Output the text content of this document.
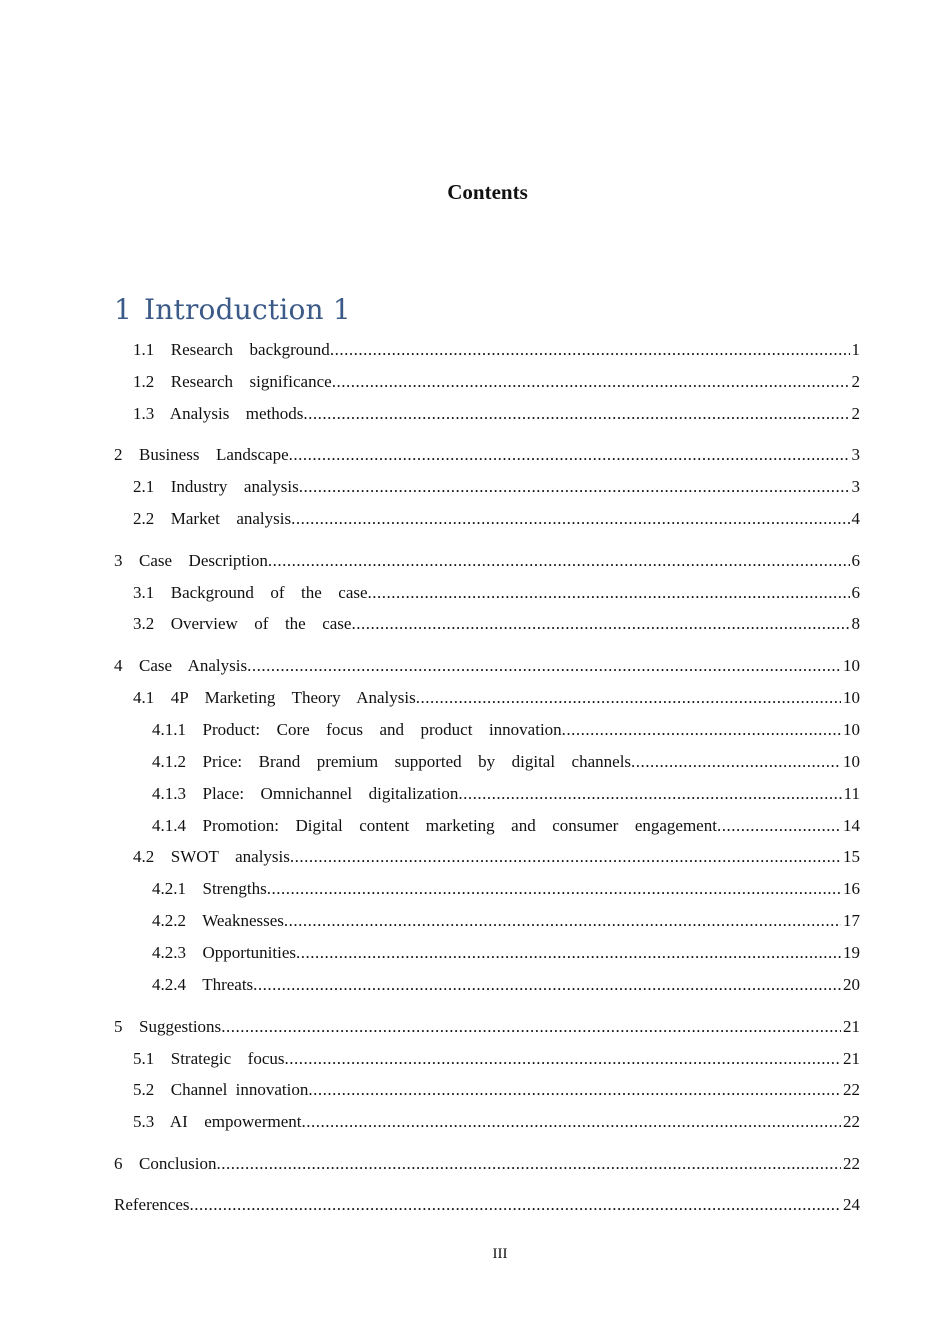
Contents
1 Introduction 1
1.1  Research  background .....	1
1.2  Research  significance .....	2
1.3  Analysis  methods .....	2
2  Business  Landscape .....	3
2.1  Industry  analysis .....	3
2.2  Market  analysis .....	4
3  Case  Description .....	6
3.1  Background  of  the  case .....	6
3.2  Overview  of  the  case .....	8
4  Case  Analysis .....	10
4.1  4P  Marketing  Theory  Analysis .....	10
4.1.1  Product:  Core  focus  and  product  innovation .....	10
4.1.2  Price:  Brand  premium  supported  by  digital  channels .....	10
4.1.3  Place:  Omnichannel  digitalization .....	11
4.1.4  Promotion:  Digital  content  marketing  and  consumer  engagement .....	14
4.2  SWOT  analysis .....	15
4.2.1  Strengths .....	16
4.2.2  Weaknesses .....	17
4.2.3  Opportunities .....	19
4.2.4  Threats .....	20
5  Suggestions .....	21
5.1  Strategic  focus .....	21
5.2  Channel innovation .....	22
5.3  AI  empowerment .....	22
6  Conclusion .....	22
References .....	24
III
